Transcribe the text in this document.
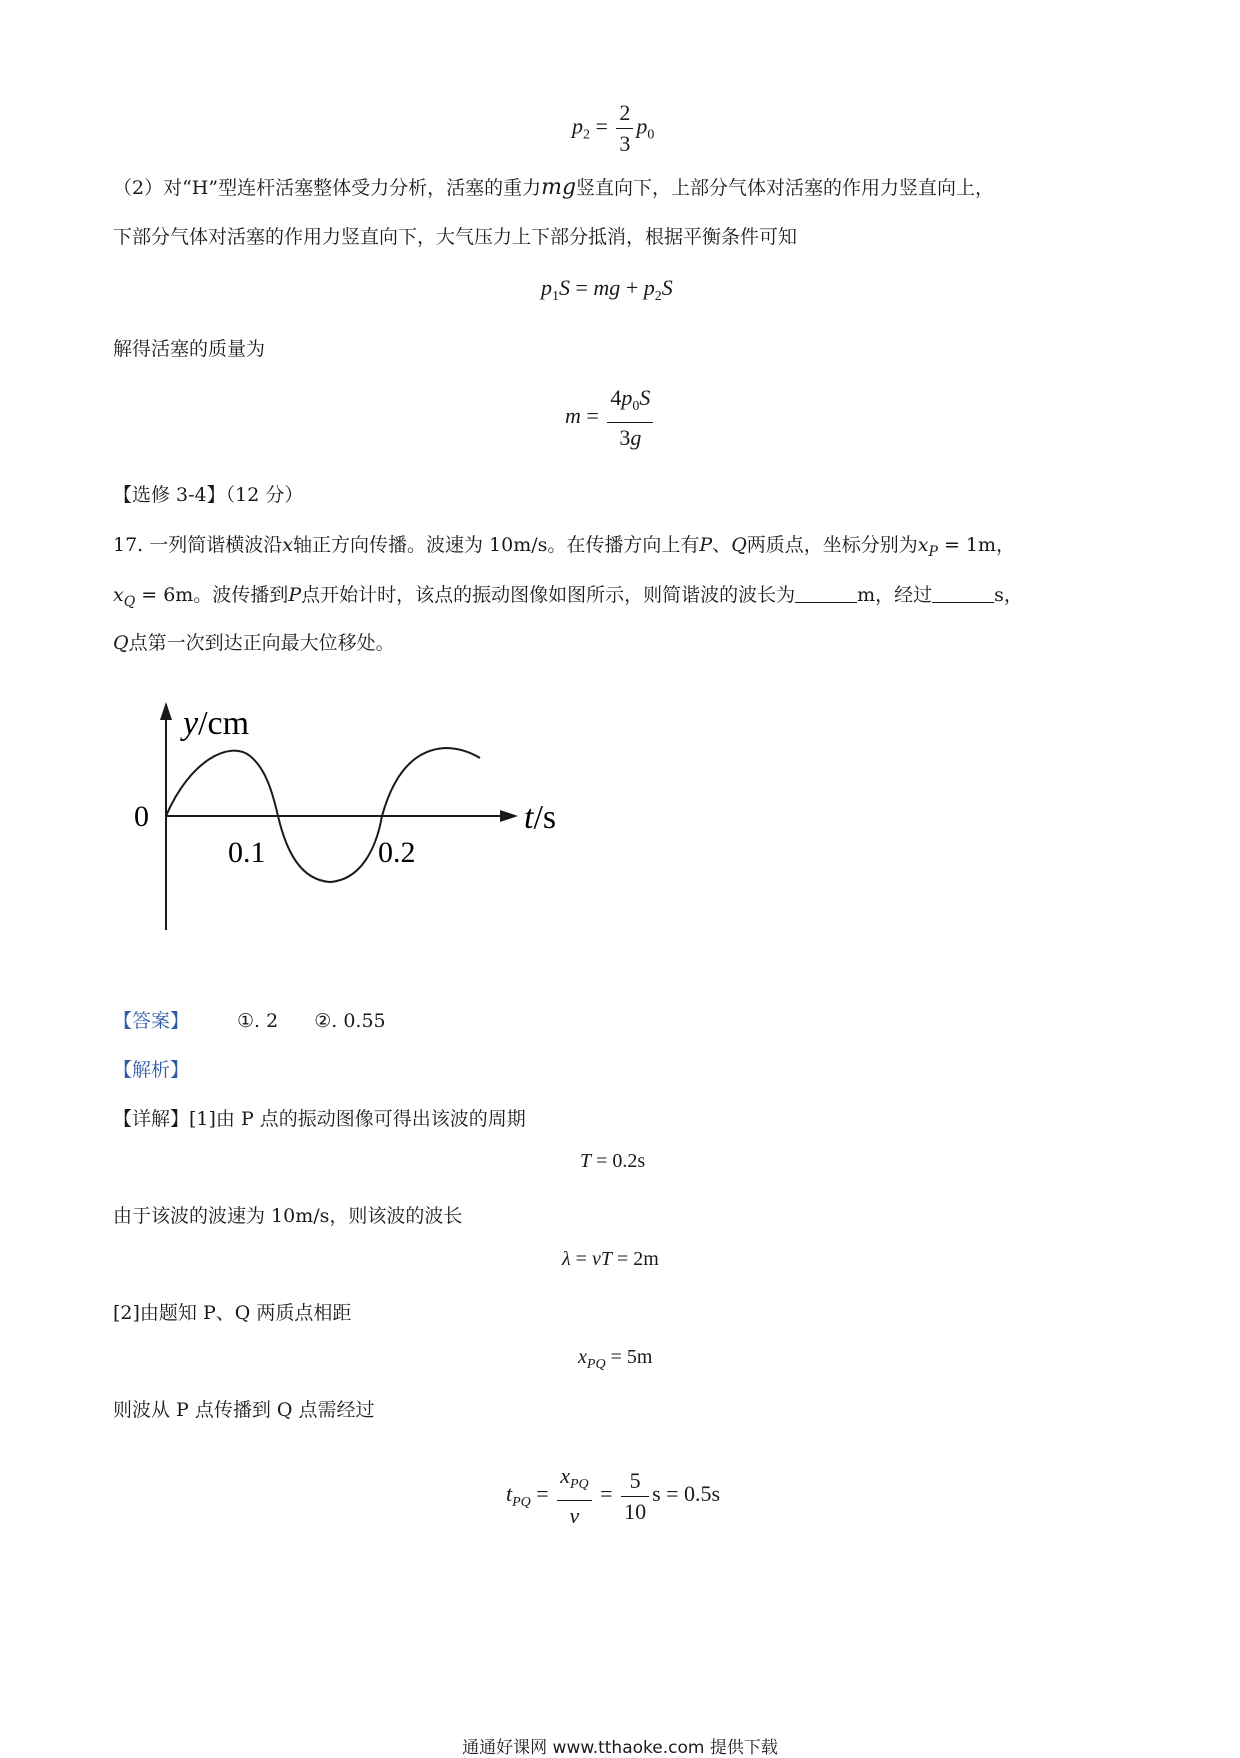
$p_2 = \frac{2}{3} p_0$
（2）对“H”型连杆活塞整体受力分析，活塞的重力mg竖直向下，上部分气体对活塞的作用力竖直向上，
下部分气体对活塞的作用力竖直向下，大气压力上下部分抵消，根据平衡条件可知
$p_1S$ = mg + $p_2S$
解得活塞的质量为
$m = \frac{4p_0S}{3g}$
【选修 3-4】（12 分）
17. 一列简谐横波沿x轴正方向传播。波速为 10m/s。在传播方向上有P、Q两质点，坐标分别为$x_P = 1m$，
$x_Q = 6m$。波传播到P点开始计时，该点的振动图像如图所示，则简谐波的波长为	m，经过	s，
Q点第一次到达正向最大位移处。
y/cm
t/s
0
0.1	0.2
【答案】	①. 2 ②. 0.55
【解析】
【详解】[1]由 P 点的振动图像可得出该波的周期
T = 0.2s
由于该波的波速为 10m/s，则该波的波长
λ = vT = 2m
[2]由题知 P、Q 两质点相距
$x_{PQ} = 5m$
则波从 P 点传播到 Q 点需经过
$t_{PQ} = \frac{x_{PQ}}{v} = \frac{5}{10}$ s = 0.5s
通通好课网 www.tthaoke.com 提供下载
